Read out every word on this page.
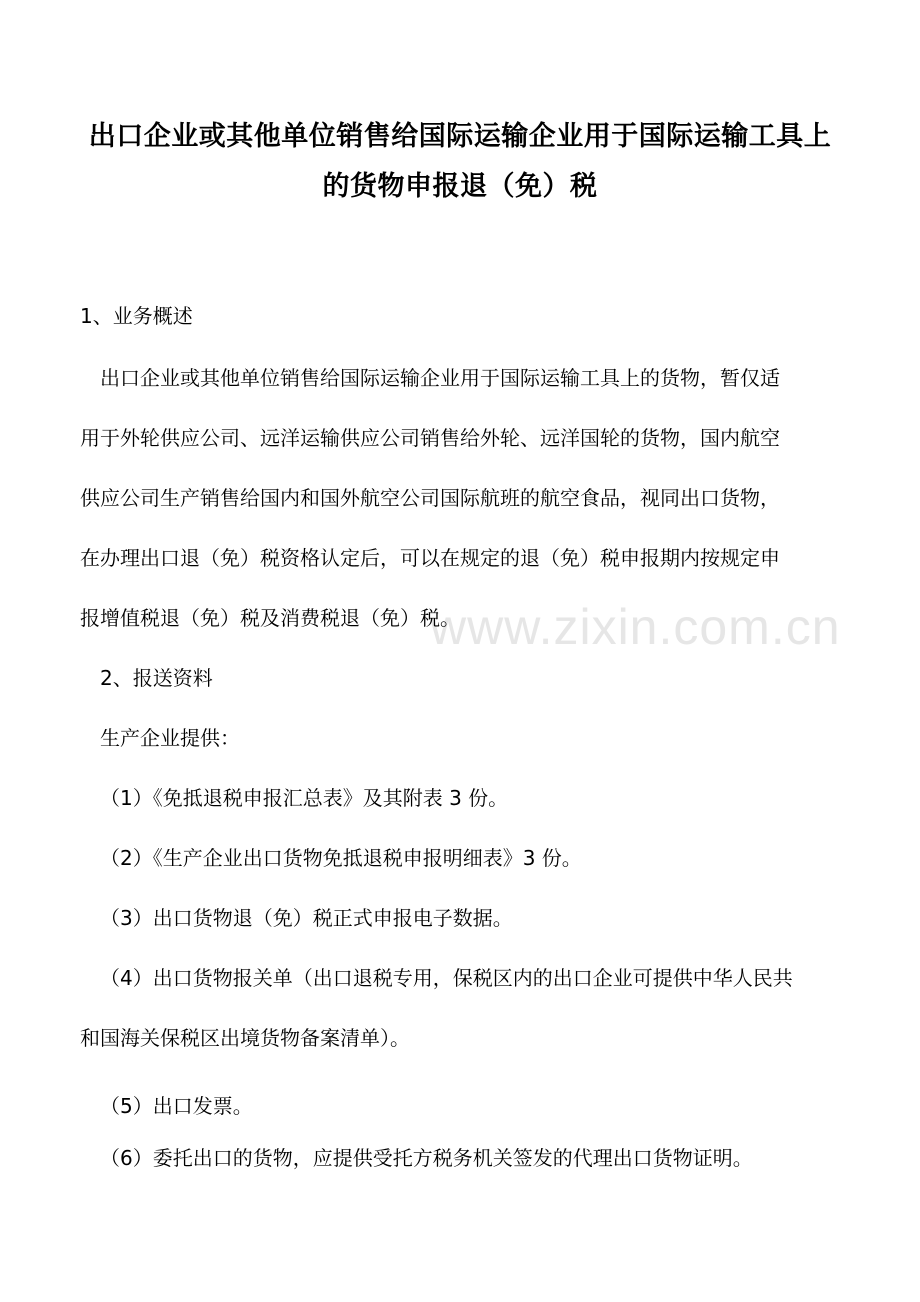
www.zixin.com.cn
出口企业或其他单位销售给国际运输企业用于国际运输工具上的货物申报退（免）税

1、业务概述

出口企业或其他单位销售给国际运输企业用于国际运输工具上的货物，暂仅适

用于外轮供应公司、远洋运输供应公司销售给外轮、远洋国轮的货物，国内航空

供应公司生产销售给国内和国外航空公司国际航班的航空食品，视同出口货物，

在办理出口退（免）税资格认定后，可以在规定的退（免）税申报期内按规定申

报增值税退（免）税及消费税退（免）税。

2、报送资料

生产企业提供：

（1）《免抵退税申报汇总表》及其附表 3 份。

（2）《生产企业出口货物免抵退税申报明细表》3 份。

（3）出口货物退（免）税正式申报电子数据。

（4）出口货物报关单（出口退税专用，保税区内的出口企业可提供中华人民共

和国海关保税区出境货物备案清单）。

（5）出口发票。

（6）委托出口的货物，应提供受托方税务机关签发的代理出口货物证明。
